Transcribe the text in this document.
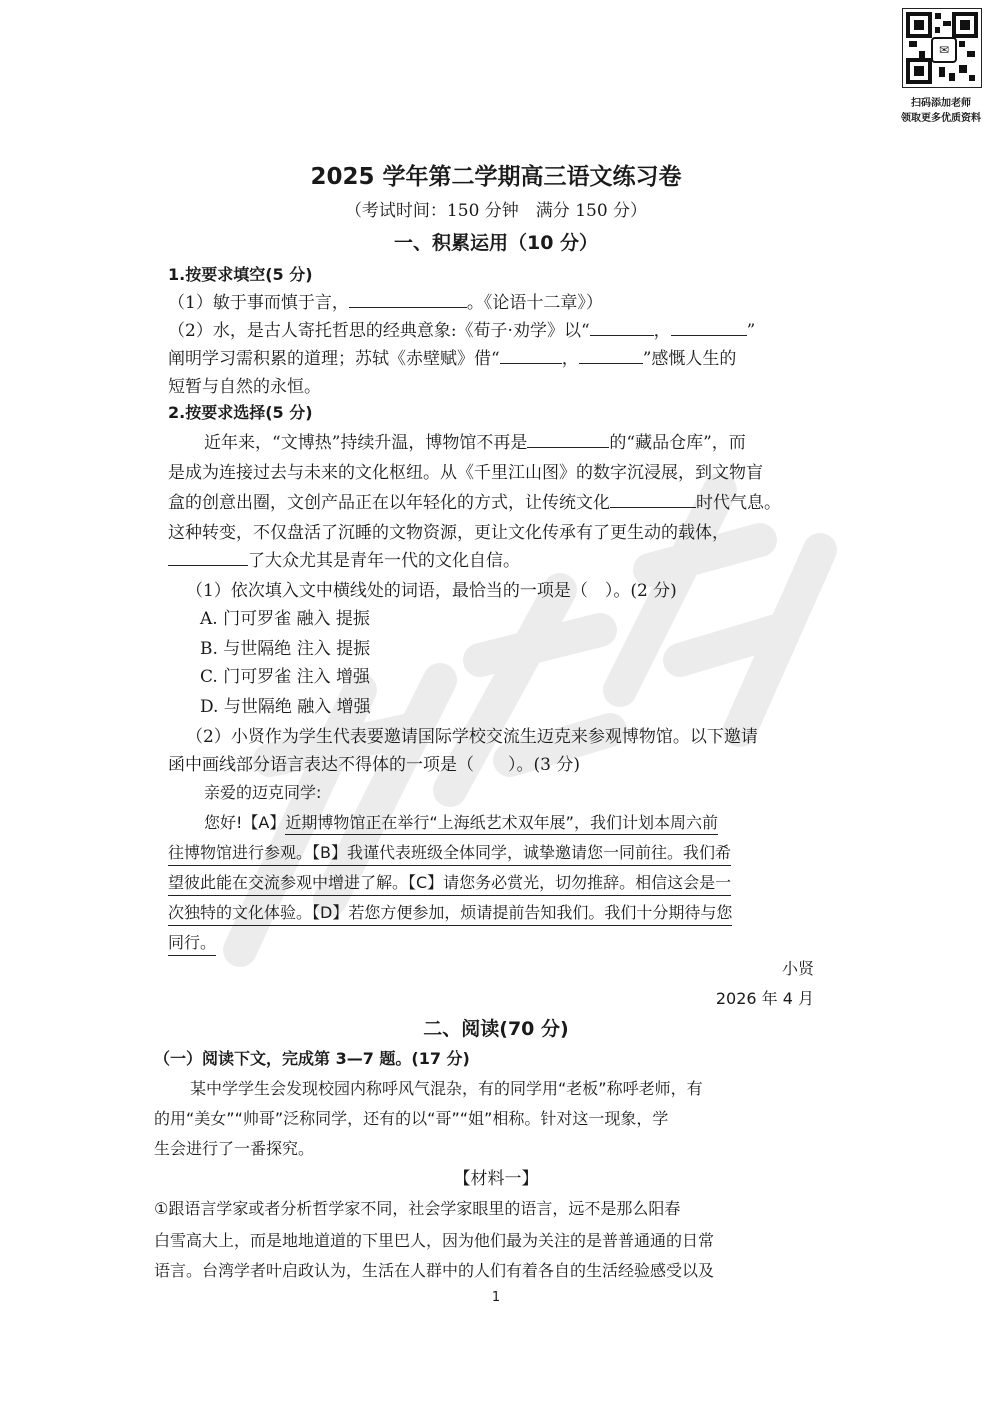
✉
扫码添加老师
领取更多优质资料
2025 学年第二学期高三语文练习卷
（考试时间：150 分钟　满分 150 分）
一、积累运用（10 分）
1.按要求填空(5 分)
（1）敏于事而慎于言，	。《论语十二章》）
（2）水，是古人寄托哲思的经典意象:《荀子·劝学》以“	，	”
阐明学习需积累的道理；苏轼《赤壁赋》借“	，	”感慨人生的
短暂与自然的永恒。
2.按要求选择(5 分)
近年来，“文博热”持续升温，博物馆不再是	的“藏品仓库”，而
是成为连接过去与未来的文化枢纽。从《千里江山图》的数字沉浸展，到文物盲
盒的创意出圈，文创产品正在以年轻化的方式，让传统文化	时代气息。
这种转变，不仅盘活了沉睡的文物资源，更让文化传承有了更生动的载体，
了大众尤其是青年一代的文化自信。
（1）依次填入文中横线处的词语，最恰当的一项是（　）。(2 分)
A. 门可罗雀 融入 提振
B. 与世隔绝 注入 提振
C. 门可罗雀 注入 增强
D. 与世隔绝 融入 增强
（2）小贤作为学生代表要邀请国际学校交流生迈克来参观博物馆。以下邀请
函中画线部分语言表达不得体的一项是（　　）。(3 分)
亲爱的迈克同学:
您好!【A】近期博物馆正在举行“上海纸艺术双年展”，我们计划本周六前
往博物馆进行参观。【B】我谨代表班级全体同学，诚挚邀请您一同前往。我们希
望彼此能在交流参观中增进了解。【C】请您务必赏光，切勿推辞。相信这会是一
次独特的文化体验。【D】若您方便参加，烦请提前告知我们。我们十分期待与您
同行。
小贤
2026 年 4 月
二、阅读(70 分)
（一）阅读下文，完成第 3—7 题。(17 分)
某中学学生会发现校园内称呼风气混杂，有的同学用“老板”称呼老师，有
的用“美女”“帅哥”泛称同学，还有的以“哥”“姐”相称。针对这一现象，学
生会进行了一番探究。
【材料一】
①跟语言学家或者分析哲学家不同，社会学家眼里的语言，远不是那么阳春
白雪高大上，而是地地道道的下里巴人，因为他们最为关注的是普普通通的日常
语言。台湾学者叶启政认为，生活在人群中的人们有着各自的生活经验感受以及
1
